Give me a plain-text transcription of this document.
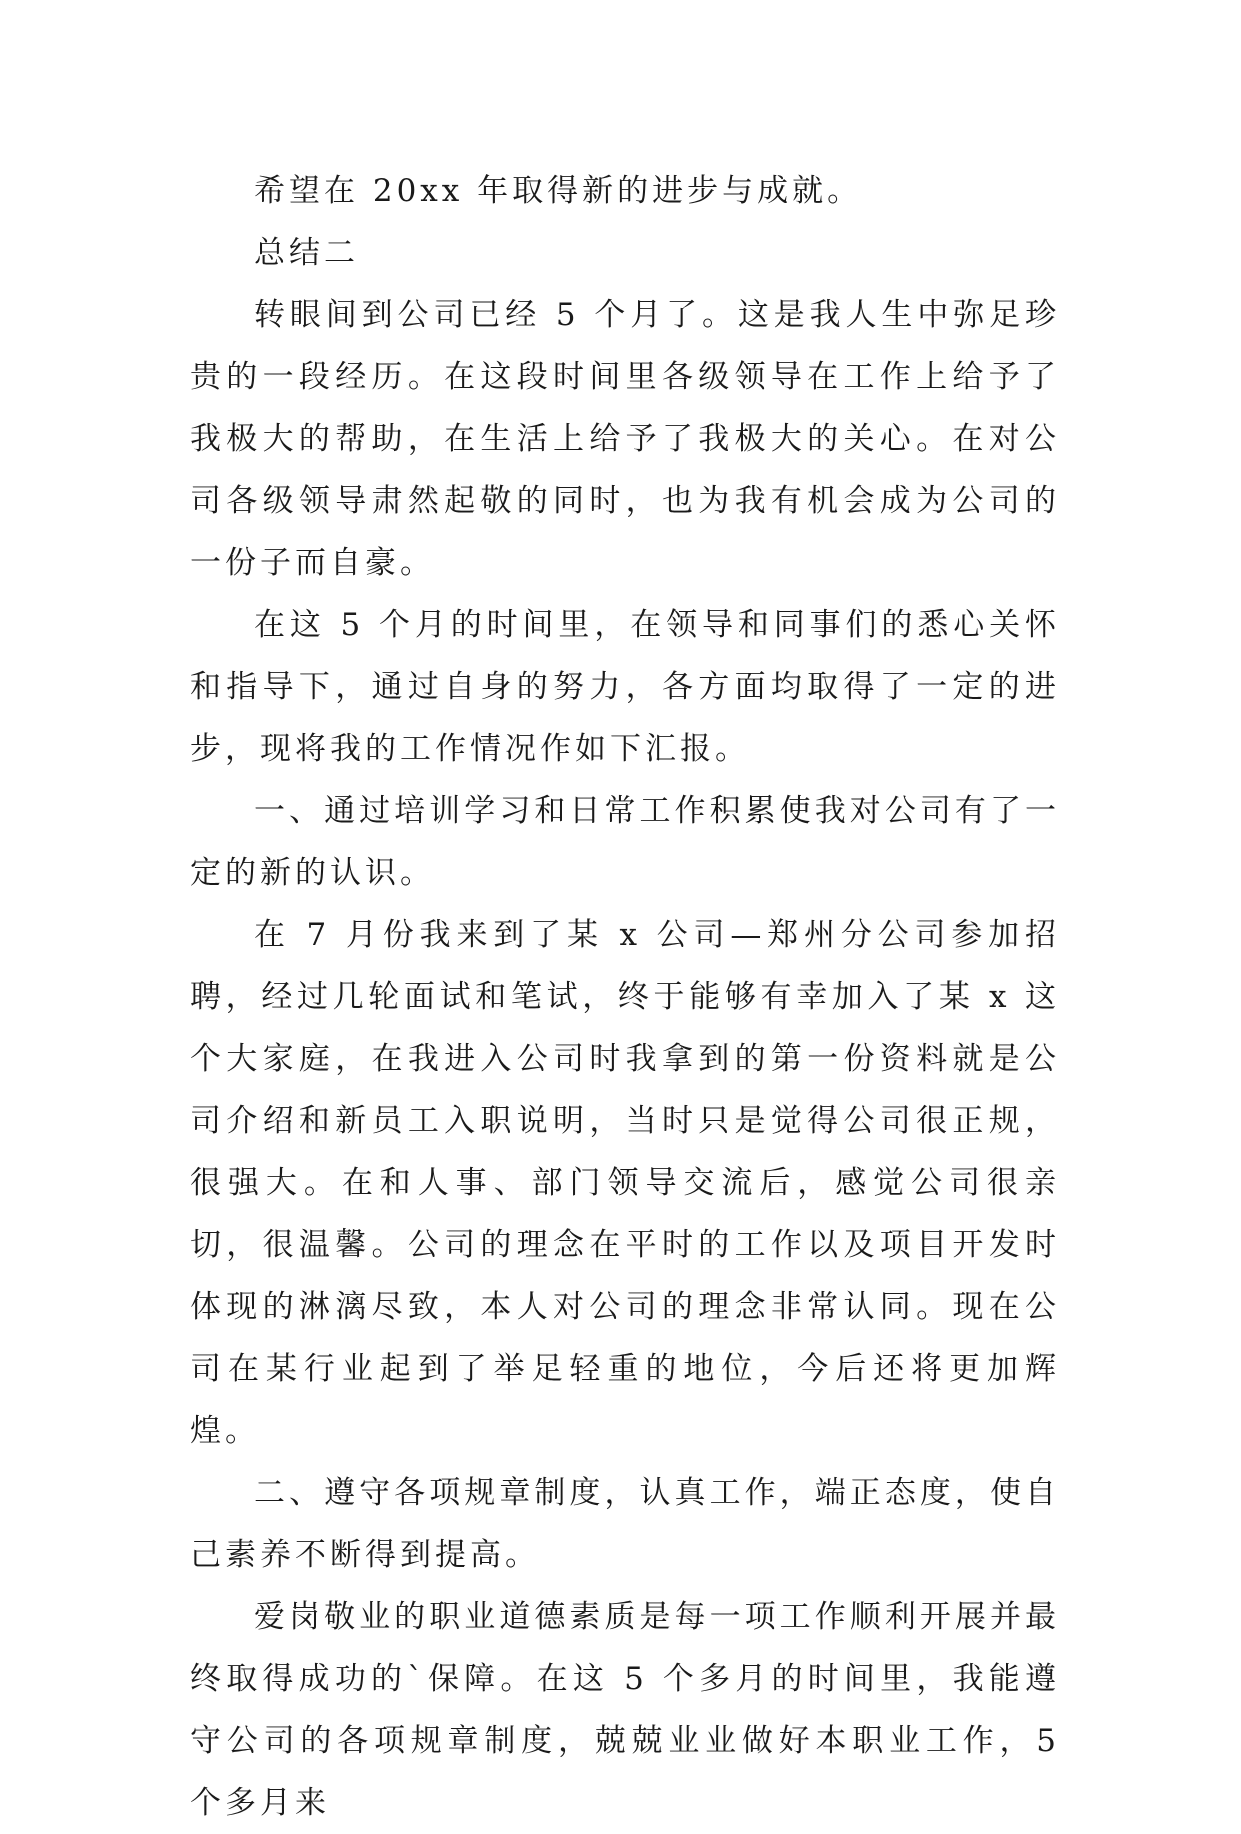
希望在 20xx 年取得新的进步与成就。

总结二

转眼间到公司已经 5 个月了。这是我人生中弥足珍贵的一段经历。在这段时间里各级领导在工作上给予了我极大的帮助，在生活上给予了我极大的关心。在对公司各级领导肃然起敬的同时，也为我有机会成为公司的一份子而自豪。

在这 5 个月的时间里，在领导和同事们的悉心关怀和指导下，通过自身的努力，各方面均取得了一定的进步，现将我的工作情况作如下汇报。

一、通过培训学习和日常工作积累使我对公司有了一定的新的认识。

在 7 月份我来到了某 x 公司—郑州分公司参加招聘，经过几轮面试和笔试，终于能够有幸加入了某 x 这个大家庭，在我进入公司时我拿到的第一份资料就是公司介绍和新员工入职说明，当时只是觉得公司很正规，很强大。在和人事、部门领导交流后，感觉公司很亲切，很温馨。公司的理念在平时的工作以及项目开发时体现的淋漓尽致，本人对公司的理念非常认同。现在公司在某行业起到了举足轻重的地位，今后还将更加辉煌。

二、遵守各项规章制度，认真工作，端正态度，使自己素养不断得到提高。

爱岗敬业的职业道德素质是每一项工作顺利开展并最终取得成功的`保障。在这 5 个多月的时间里，我能遵守公司的各项规章制度，兢兢业业做好本职业工作，5 个多月来
